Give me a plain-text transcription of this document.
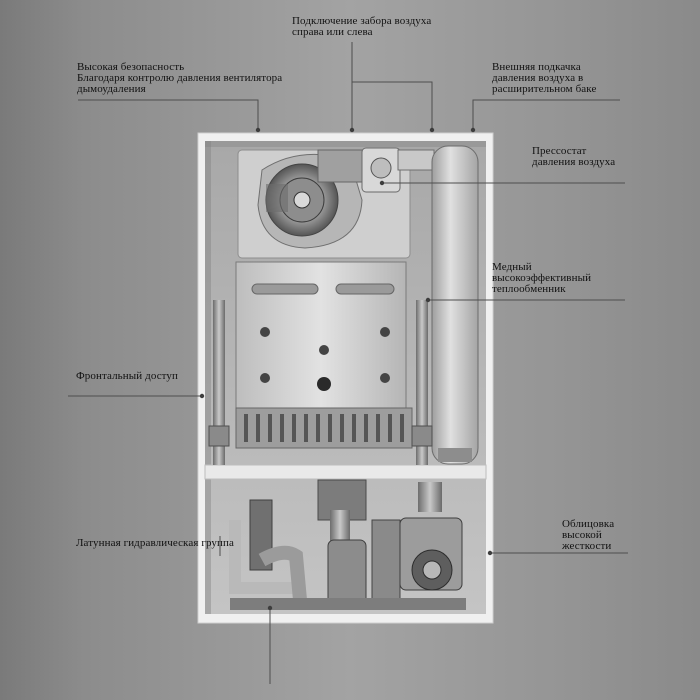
Подключение забора воздуха
справа или слева
Высокая безопасность
Благодаря контролю давления вентилятора
дымоудаления
Внешняя подкачка
давления воздуха в
расширительном баке
Прессостат
давления воздуха
Медный
высокоэффективный
теплообменник
Фронтальный доступ
Латунная гидравлическая группа
Облицовка
высокой
жесткости
